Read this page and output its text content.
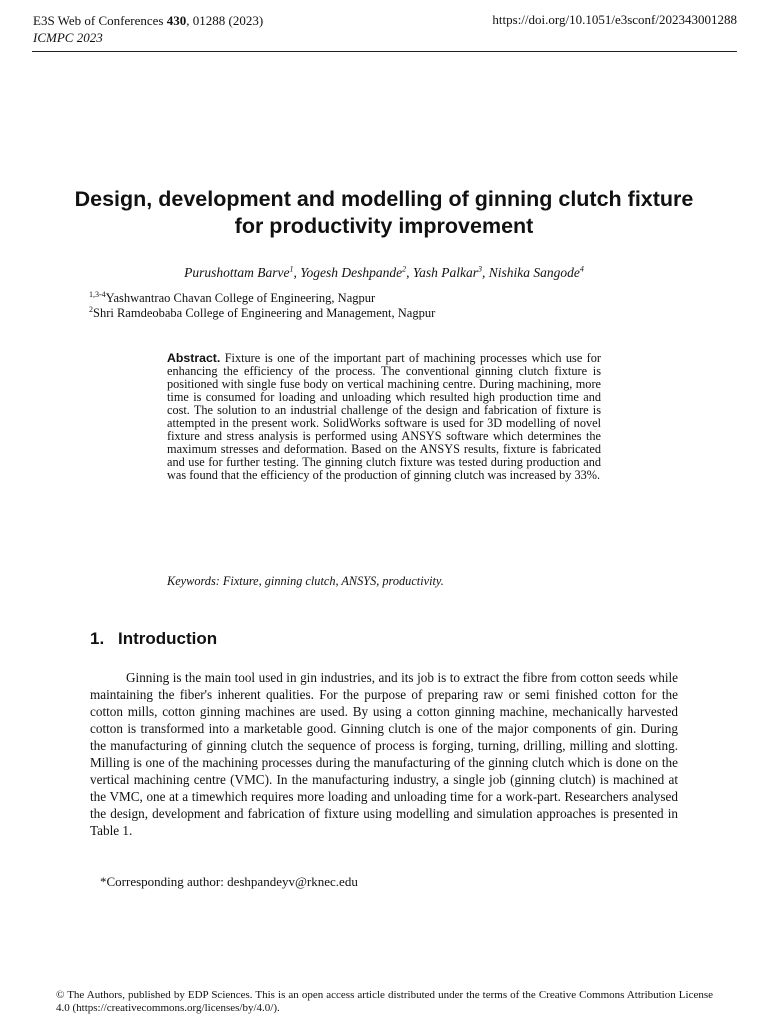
E3S Web of Conferences 430, 01288 (2023)
ICMPC 2023
https://doi.org/10.1051/e3sconf/202343001288
Design, development and modelling of ginning clutch fixture for productivity improvement
Purushottam Barve$^1$, Yogesh Deshpande$^2$, Yash Palkar$^3$, Nishika Sangode$^4$
$^{1,3-4}$Yashwantrao Chavan College of Engineering, Nagpur
$^2$Shri Ramdeobaba College of Engineering and Management, Nagpur
Abstract. Fixture is one of the important part of machining processes which use for enhancing the efficiency of the process. The conventional ginning clutch fixture is positioned with single fuse body on vertical machining centre. During machining, more time is consumed for loading and unloading which resulted high production time and cost. The solution to an industrial challenge of the design and fabrication of fixture is attempted in the present work. SolidWorks software is used for 3D modelling of novel fixture and stress analysis is performed using ANSYS software which determines the maximum stresses and deformation. Based on the ANSYS results, fixture is fabricated and use for further testing. The ginning clutch fixture was tested during production and was found that the efficiency of the production of ginning clutch was increased by 33%.
Keywords: Fixture, ginning clutch, ANSYS, productivity.
1. Introduction
Ginning is the main tool used in gin industries, and its job is to extract the fibre from cotton seeds while maintaining the fiber's inherent qualities. For the purpose of preparing raw or semi finished cotton for the cotton mills, cotton ginning machines are used. By using a cotton ginning machine, mechanically harvested cotton is transformed into a marketable good. Ginning clutch is one of the major components of gin. During the manufacturing of ginning clutch the sequence of process is forging, turning, drilling, milling and slotting. Milling is one of the machining processes during the manufacturing of the ginning clutch which is done on the vertical machining centre (VMC). In the manufacturing industry, a single job (ginning clutch) is machined at the VMC, one at a timewhich requires more loading and unloading time for a work-part. Researchers analysed the design, development and fabrication of fixture using modelling and simulation approaches is presented in Table 1.
*Corresponding author: deshpandeyv@rknec.edu
© The Authors, published by EDP Sciences. This is an open access article distributed under the terms of the Creative Commons Attribution License 4.0 (https://creativecommons.org/licenses/by/4.0/).
